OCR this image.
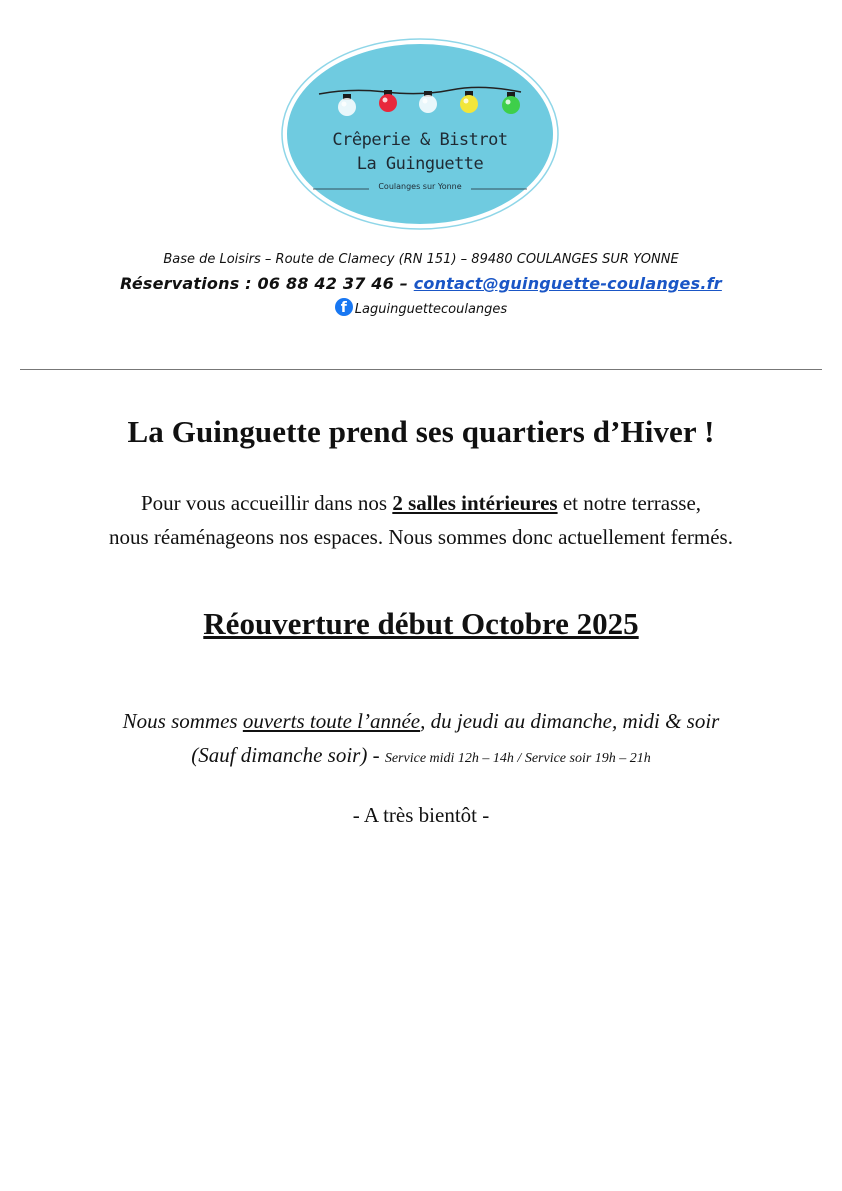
Crêperie & Bistrot
La Guinguette
Coulanges sur Yonne
Base de Loisirs – Route de Clamecy (RN 151) – 89480 COULANGES SUR YONNE
Réservations : 06 88 42 37 46 – contact@guinguette-coulanges.fr
f Laguinguettecoulanges
La Guinguette prend ses quartiers d’Hiver !
Pour vous accueillir dans nos 2 salles intérieures et notre terrasse,
nous réaménageons nos espaces. Nous sommes donc actuellement fermés.
Réouverture début Octobre 2025
Nous sommes ouverts toute l’année, du jeudi au dimanche, midi & soir
(Sauf dimanche soir) - Service midi 12h – 14h / Service soir 19h – 21h
- A très bientôt -
